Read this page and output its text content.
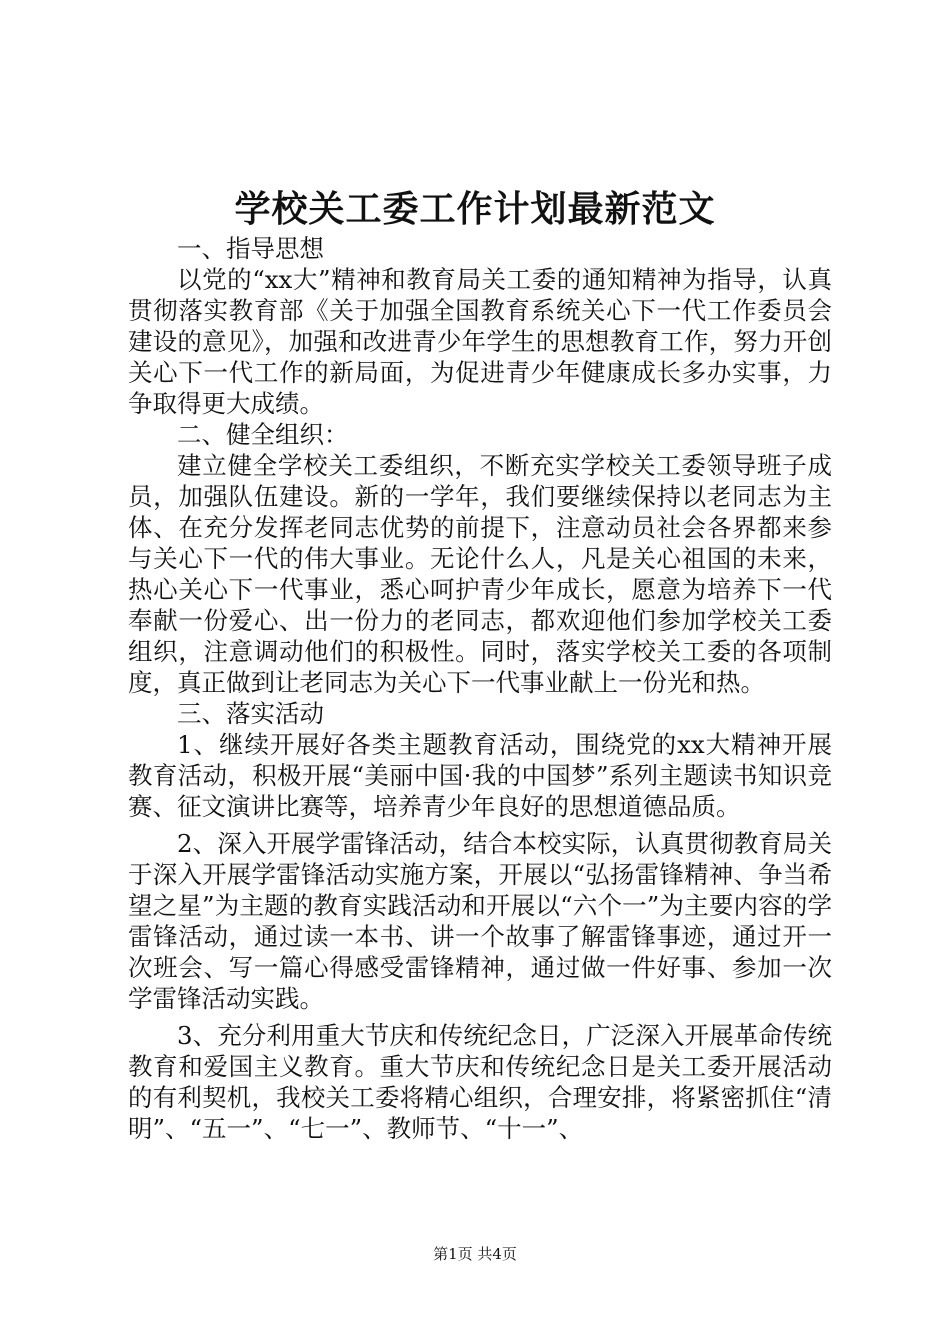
学校关工委工作计划最新范文

一、指导思想

以党的“xx大”精神和教育局关工委的通知精神为指导，认真贯彻落实教育部《关于加强全国教育系统关心下一代工作委员会建设的意见》，加强和改进青少年学生的思想教育工作，努力开创关心下一代工作的新局面，为促进青少年健康成长多办实事，力争取得更大成绩。

二、健全组织：

建立健全学校关工委组织，不断充实学校关工委领导班子成员，加强队伍建设。新的一学年，我们要继续保持以老同志为主体、在充分发挥老同志优势的前提下，注意动员社会各界都来参与关心下一代的伟大事业。无论什么人，凡是关心祖国的未来，热心关心下一代事业，悉心呵护青少年成长，愿意为培养下一代奉献一份爱心、出一份力的老同志，都欢迎他们参加学校关工委组织，注意调动他们的积极性。同时，落实学校关工委的各项制度，真正做到让老同志为关心下一代事业献上一份光和热。

三、落实活动

1、继续开展好各类主题教育活动，围绕党的xx大精神开展教育活动，积极开展“美丽中国·我的中国梦”系列主题读书知识竞赛、征文演讲比赛等，培养青少年良好的思想道德品质。

2、深入开展学雷锋活动，结合本校实际，认真贯彻教育局关于深入开展学雷锋活动实施方案，开展以“弘扬雷锋精神、争当希望之星”为主题的教育实践活动和开展以“六个一”为主要内容的学雷锋活动，通过读一本书、讲一个故事了解雷锋事迹，通过开一次班会、写一篇心得感受雷锋精神，通过做一件好事、参加一次学雷锋活动实践。

3、充分利用重大节庆和传统纪念日，广泛深入开展革命传统教育和爱国主义教育。重大节庆和传统纪念日是关工委开展活动的有利契机，我校关工委将精心组织，合理安排，将紧密抓住“清明”、“五一”、“七一”、教师节、“十一”、

第1页 共4页
